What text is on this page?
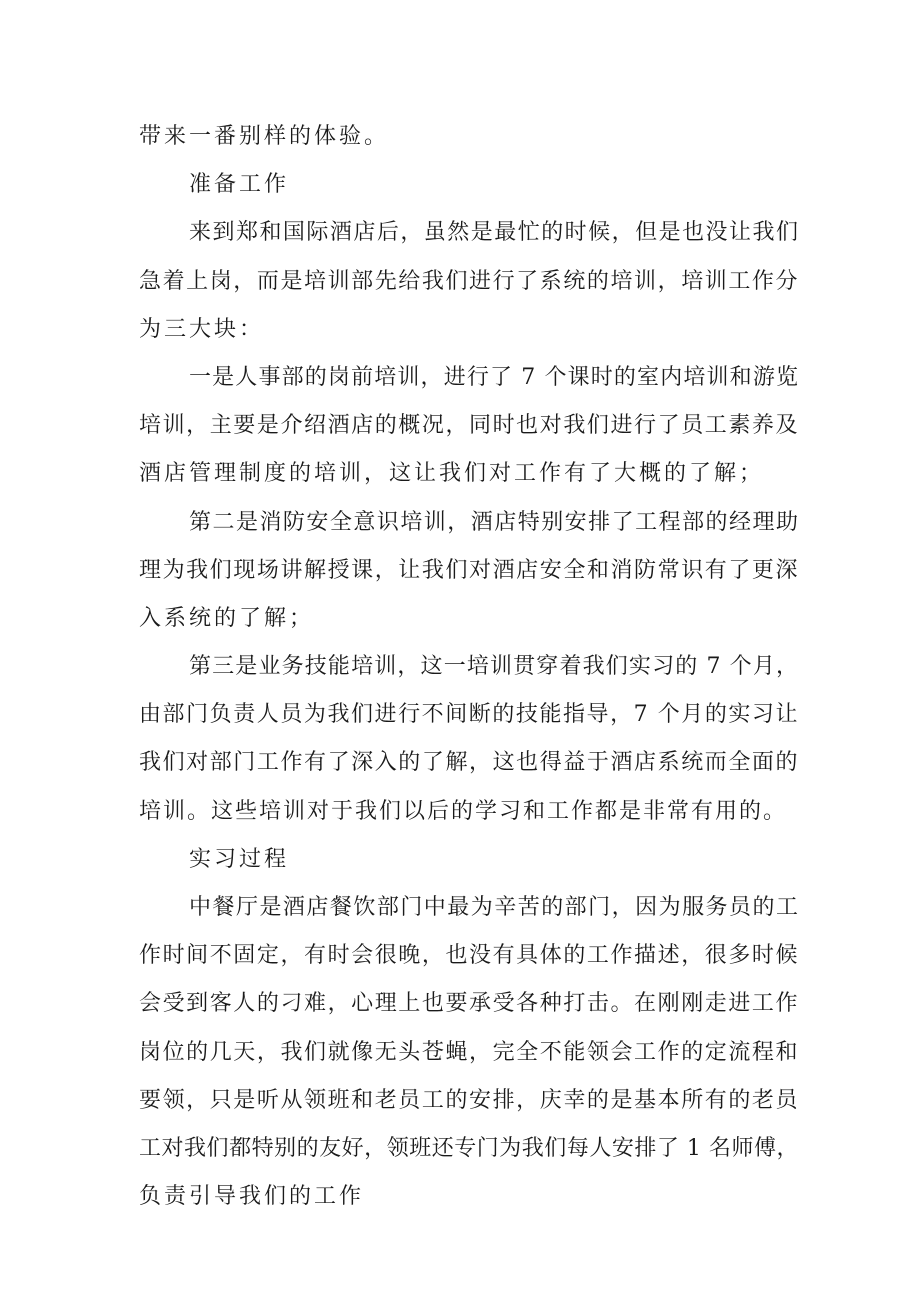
带来一番别样的体验。
准备工作
来到郑和国际酒店后，虽然是最忙的时候，但是也没让我们
急着上岗，而是培训部先给我们进行了系统的培训，培训工作分
为三大块：
一是人事部的岗前培训，进行了 7 个课时的室内培训和游览
培训，主要是介绍酒店的概况，同时也对我们进行了员工素养及
酒店管理制度的培训，这让我们对工作有了大概的了解；
第二是消防安全意识培训，酒店特别安排了工程部的经理助
理为我们现场讲解授课，让我们对酒店安全和消防常识有了更深
入系统的了解；
第三是业务技能培训，这一培训贯穿着我们实习的 7 个月，
由部门负责人员为我们进行不间断的技能指导，7 个月的实习让
我们对部门工作有了深入的了解，这也得益于酒店系统而全面的
培训。这些培训对于我们以后的学习和工作都是非常有用的。
实习过程
中餐厅是酒店餐饮部门中最为辛苦的部门，因为服务员的工
作时间不固定，有时会很晚，也没有具体的工作描述，很多时候
会受到客人的刁难，心理上也要承受各种打击。在刚刚走进工作
岗位的几天，我们就像无头苍蝇，完全不能领会工作的定流程和
要领，只是听从领班和老员工的安排，庆幸的是基本所有的老员
工对我们都特别的友好，领班还专门为我们每人安排了 1 名师傅，
负责引导我们的工作
